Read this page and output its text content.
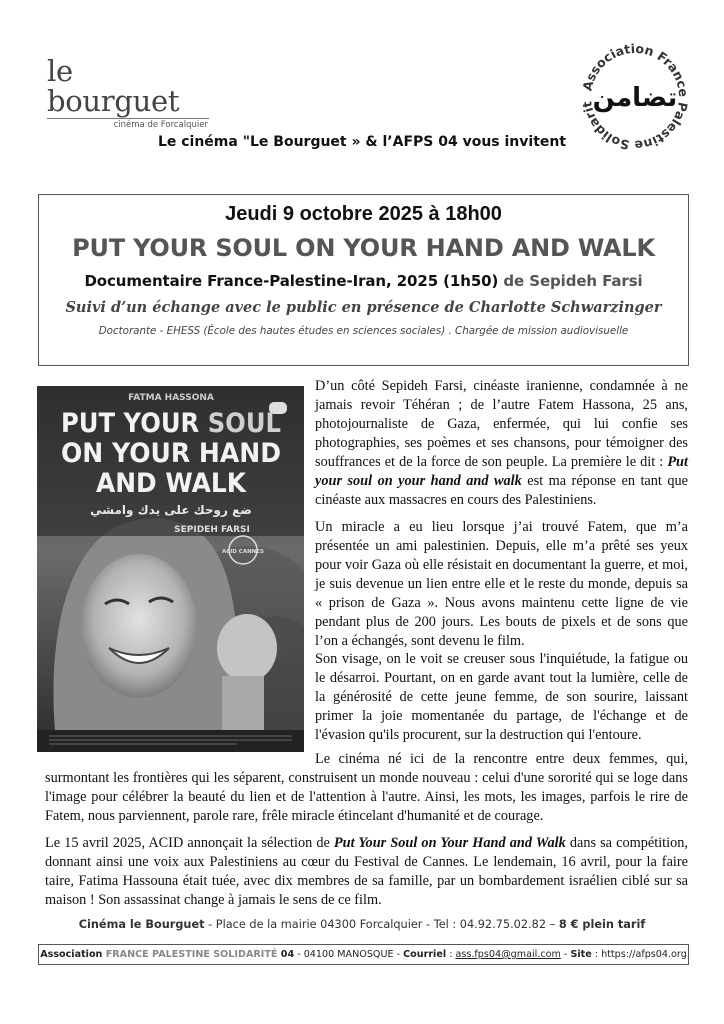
le bourguet
cinéma de Forcalquier
Association France Palestine Solidarit
تضامن
Le cinéma "Le Bourguet » & l’AFPS 04 vous invitent
Jeudi 9 octobre 2025 à 18h00
PUT YOUR SOUL ON YOUR HAND AND WALK
Documentaire France-Palestine-Iran, 2025 (1h50) de Sepideh Farsi
Suivi d’un échange avec le public en présence de Charlotte Schwarzinger
Doctorante - EHESS (École des hautes études en sciences sociales) . Chargée de mission audiovisuelle
FATMA HASSONA
PUT YOUR SOUL
ON YOUR HAND
AND WALK
ضع روحك على يدك وامشي
SEPIDEH FARSI
ACID CANNES
D’un côté Sepideh Farsi, cinéaste iranienne, condamnée à ne jamais revoir Téhéran ; de l’autre Fatem Hassona, 25 ans, photojournaliste de Gaza, enfermée, qui lui confie ses photographies, ses poèmes et ses chansons, pour témoigner des souffrances et de la force de son peuple. La première le dit : Put your soul on your hand and walk est ma réponse en tant que cinéaste aux massacres en cours des Palestiniens.
Un miracle a eu lieu lorsque j’ai trouvé Fatem, que m’a présentée un ami palestinien. Depuis, elle m’a prêté ses yeux pour voir Gaza où elle résistait en documentant la guerre, et moi, je suis devenue un lien entre elle et le reste du monde, depuis sa « prison de Gaza ». Nous avons maintenu cette ligne de vie pendant plus de 200 jours. Les bouts de pixels et de sons que l’on a échangés, sont devenu le film.
Son visage, on le voit se creuser sous l'inquiétude, la fatigue ou le désarroi. Pourtant, on en garde avant tout la lumière, celle de la générosité de cette jeune femme, de son sourire, laissant primer la joie momentanée du partage, de l'échange et de l'évasion qu'ils procurent, sur la destruction qui l'entoure.
Le cinéma né ici de la rencontre entre deux femmes, qui, surmontant les frontières qui les séparent, construisent un monde nouveau : celui d'une sororité qui se loge dans l'image pour célébrer la beauté du lien et de l'attention à l'autre. Ainsi, les mots, les images, parfois le rire de Fatem, nous parviennent, parole rare, frêle miracle étincelant d'humanité et de courage.
Le 15 avril 2025, ACID annonçait la sélection de Put Your Soul on Your Hand and Walk dans sa compétition, donnant ainsi une voix aux Palestiniens au cœur du Festival de Cannes. Le lendemain, 16 avril, pour la faire taire, Fatima Hassouna était tuée, avec dix membres de sa famille, par un bombardement israélien ciblé sur sa maison ! Son assassinat change à jamais le sens de ce film.
Cinéma le Bourguet - Place de la mairie 04300 Forcalquier - Tel : 04.92.75.02.82 – 8 € plein tarif
Association FRANCE PALESTINE SOLIDARITÉ 04 - 04100 MANOSQUE - Courriel : ass.fps04@gmail.com - Site : https://afps04.org
